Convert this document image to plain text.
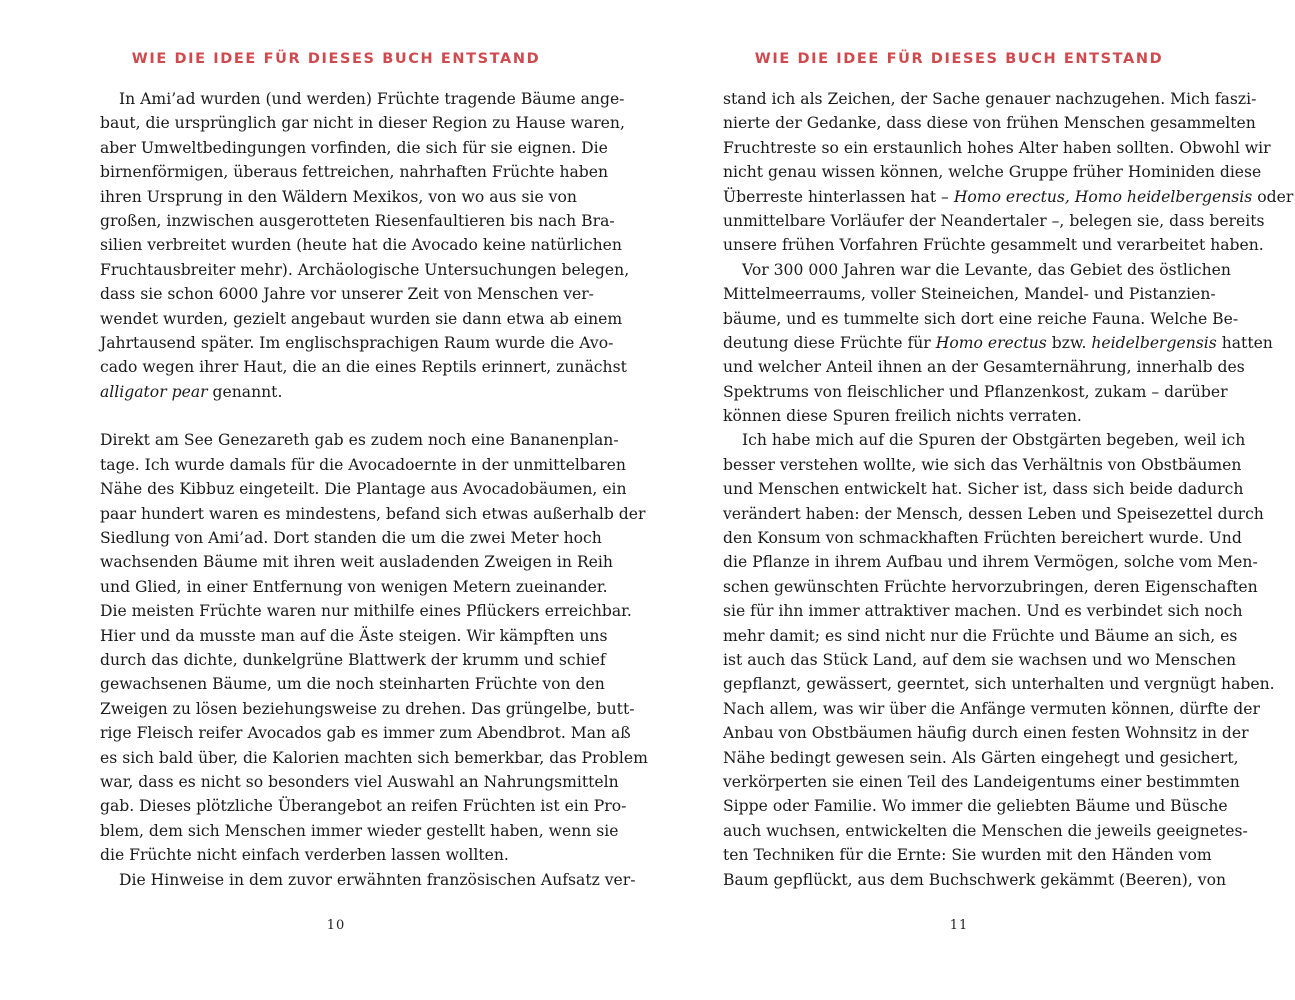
WIE DIE IDEE FÜR DIESES BUCH ENTSTAND
In Ami’ad wurden (und werden) Früchte tragende Bäume ange-
baut, die ursprünglich gar nicht in dieser Region zu Hause waren,
aber Umweltbedingungen vorfinden, die sich für sie eignen. Die
birnenförmigen, überaus fettreichen, nahrhaften Früchte haben
ihren Ursprung in den Wäldern Mexikos, von wo aus sie von
großen, inzwischen ausgerotteten Riesenfaultieren bis nach Bra-
silien verbreitet wurden (heute hat die Avocado keine natürlichen
Fruchtausbreiter mehr). Archäologische Untersuchungen belegen,
dass sie schon 6000 Jahre vor unserer Zeit von Menschen ver-
wendet wurden, gezielt angebaut wurden sie dann etwa ab einem
Jahrtausend später. Im englischsprachigen Raum wurde die Avo-
cado wegen ihrer Haut, die an die eines Reptils erinnert, zunächst
alligator pear genannt.
Direkt am See Genezareth gab es zudem noch eine Bananenplan-
tage. Ich wurde damals für die Avocadoernte in der unmittelbaren
Nähe des Kibbuz eingeteilt. Die Plantage aus Avocadobäumen, ein
paar hundert waren es mindestens, befand sich etwas außerhalb der
Siedlung von Ami’ad. Dort standen die um die zwei Meter hoch
wachsenden Bäume mit ihren weit ausladenden Zweigen in Reih
und Glied, in einer Entfernung von wenigen Metern zueinander.
Die meisten Früchte waren nur mithilfe eines Pflückers erreichbar.
Hier und da musste man auf die Äste steigen. Wir kämpften uns
durch das dichte, dunkelgrüne Blattwerk der krumm und schief
gewachsenen Bäume, um die noch steinharten Früchte von den
Zweigen zu lösen beziehungsweise zu drehen. Das grüngelbe, butt-
rige Fleisch reifer Avocados gab es immer zum Abendbrot. Man aß
es sich bald über, die Kalorien machten sich bemerkbar, das Problem
war, dass es nicht so besonders viel Auswahl an Nahrungsmitteln
gab. Dieses plötzliche Überangebot an reifen Früchten ist ein Pro-
blem, dem sich Menschen immer wieder gestellt haben, wenn sie
die Früchte nicht einfach verderben lassen wollten.
Die Hinweise in dem zuvor erwähnten französischen Aufsatz ver-
10
WIE DIE IDEE FÜR DIESES BUCH ENTSTAND
stand ich als Zeichen, der Sache genauer nachzugehen. Mich faszi-
nierte der Gedanke, dass diese von frühen Menschen gesammelten
Fruchtreste so ein erstaunlich hohes Alter haben sollten. Obwohl wir
nicht genau wissen können, welche Gruppe früher Hominiden diese
Überreste hinterlassen hat – Homo erectus, Homo heidelbergensis oder
unmittelbare Vorläufer der Neandertaler –, belegen sie, dass bereits
unsere frühen Vorfahren Früchte gesammelt und verarbeitet haben.
Vor 300 000 Jahren war die Levante, das Gebiet des östlichen
Mittelmeerraums, voller Steineichen, Mandel- und Pistanzien-
bäume, und es tummelte sich dort eine reiche Fauna. Welche Be-
deutung diese Früchte für Homo erectus bzw. heidelbergensis hatten
und welcher Anteil ihnen an der Gesamternährung, innerhalb des
Spektrums von fleischlicher und Pflanzenkost, zukam – darüber
können diese Spuren freilich nichts verraten.
Ich habe mich auf die Spuren der Obstgärten begeben, weil ich
besser verstehen wollte, wie sich das Verhältnis von Obstbäumen
und Menschen entwickelt hat. Sicher ist, dass sich beide dadurch
verändert haben: der Mensch, dessen Leben und Speisezettel durch
den Konsum von schmackhaften Früchten bereichert wurde. Und
die Pflanze in ihrem Aufbau und ihrem Vermögen, solche vom Men-
schen gewünschten Früchte hervorzubringen, deren Eigenschaften
sie für ihn immer attraktiver machen. Und es verbindet sich noch
mehr damit; es sind nicht nur die Früchte und Bäume an sich, es
ist auch das Stück Land, auf dem sie wachsen und wo Menschen
gepflanzt, gewässert, geerntet, sich unterhalten und vergnügt haben.
Nach allem, was wir über die Anfänge vermuten können, dürfte der
Anbau von Obstbäumen häufig durch einen festen Wohnsitz in der
Nähe bedingt gewesen sein. Als Gärten eingehegt und gesichert,
verkörperten sie einen Teil des Landeigentums einer bestimmten
Sippe oder Familie. Wo immer die geliebten Bäume und Büsche
auch wuchsen, entwickelten die Menschen die jeweils geeignetes-
ten Techniken für die Ernte: Sie wurden mit den Händen vom
Baum gepflückt, aus dem Buchschwerk gekämmt (Beeren), von
11
